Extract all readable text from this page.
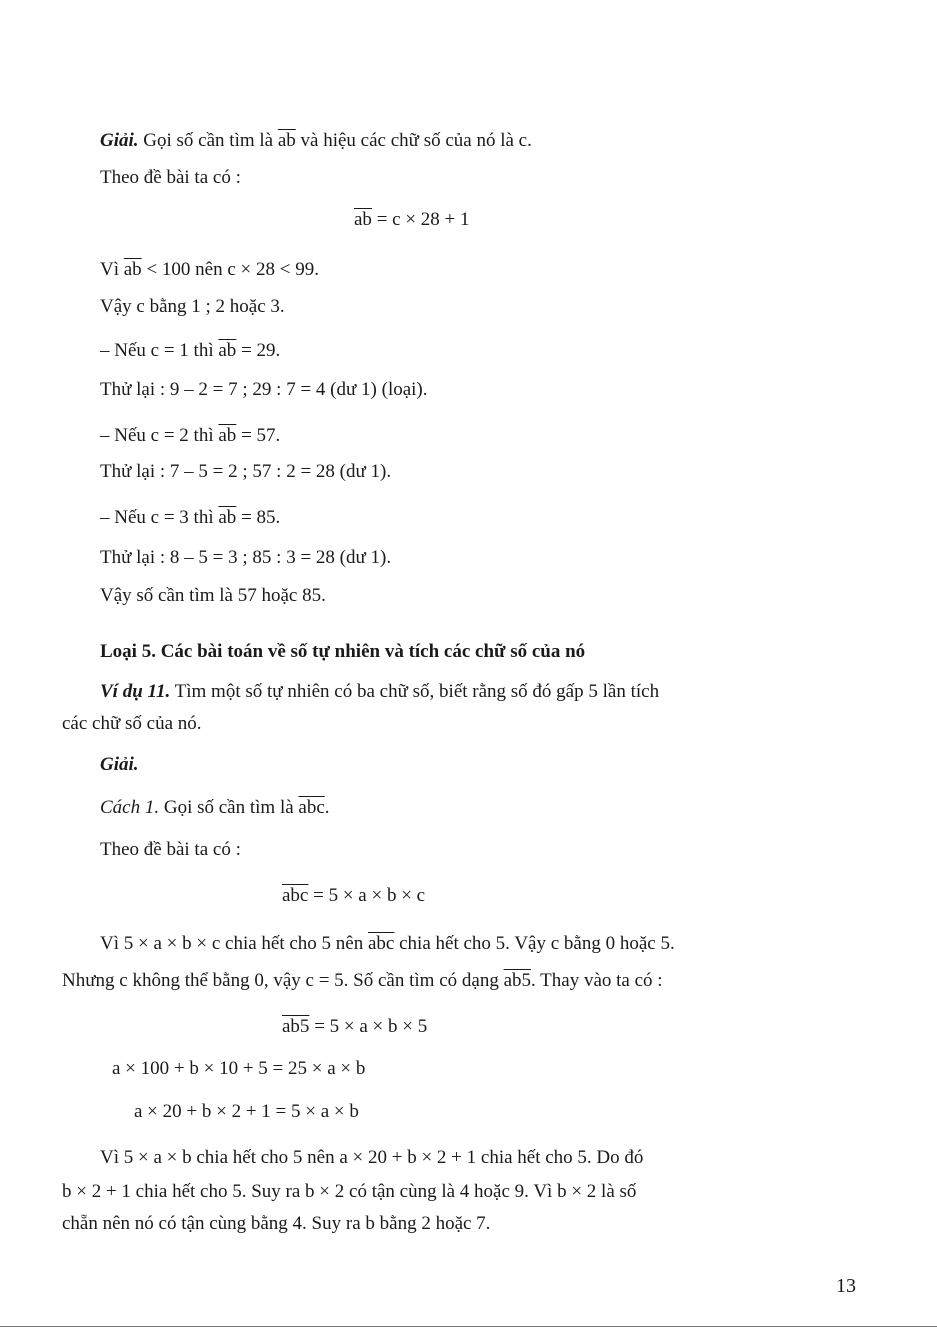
Giải. Gọi số cần tìm là $\overline{ab}$ và hiệu các chữ số của nó là c.
Theo đề bài ta có :
$\overline{ab} = c \times 28 + 1$
Vì $\overline{ab} < 100$ nên c × 28 < 99.
Vậy c bằng 1 ; 2 hoặc 3.
– Nếu c = 1 thì $\overline{ab} = 29$.
Thử lại : 9 – 2 = 7 ; 29 : 7 = 4 (dư 1) (loại).
– Nếu c = 2 thì $\overline{ab} = 57$.
Thử lại : 7 – 5 = 2 ; 57 : 2 = 28 (dư 1).
– Nếu c = 3 thì $\overline{ab} = 85$.
Thử lại : 8 – 5 = 3 ; 85 : 3 = 28 (dư 1).
Vậy số cần tìm là 57 hoặc 85.
Loại 5. Các bài toán về số tự nhiên và tích các chữ số của nó
Ví dụ 11. Tìm một số tự nhiên có ba chữ số, biết rằng số đó gấp 5 lần tích
các chữ số của nó.
Giải.
Cách 1. Gọi số cần tìm là $\overline{abc}$.
Theo đề bài ta có :
$\overline{abc} = 5 \times a \times b \times c$
Vì 5 × a × b × c chia hết cho 5 nên $\overline{abc}$ chia hết cho 5. Vậy c bằng 0 hoặc 5.
Nhưng c không thể bằng 0, vậy c = 5. Số cần tìm có dạng ab5. Thay vào ta có :
ab5 = 5 × a × b × 5
a × 100 + b × 10 + 5 = 25 × a × b
a × 20 + b × 2 + 1 = 5 × a × b
Vì 5 × a × b chia hết cho 5 nên a × 20 + b × 2 + 1 chia hết cho 5. Do đó
b × 2 + 1 chia hết cho 5. Suy ra b × 2 có tận cùng là 4 hoặc 9. Vì b × 2 là số
chẵn nên nó có tận cùng bằng 4. Suy ra b bằng 2 hoặc 7.
13
